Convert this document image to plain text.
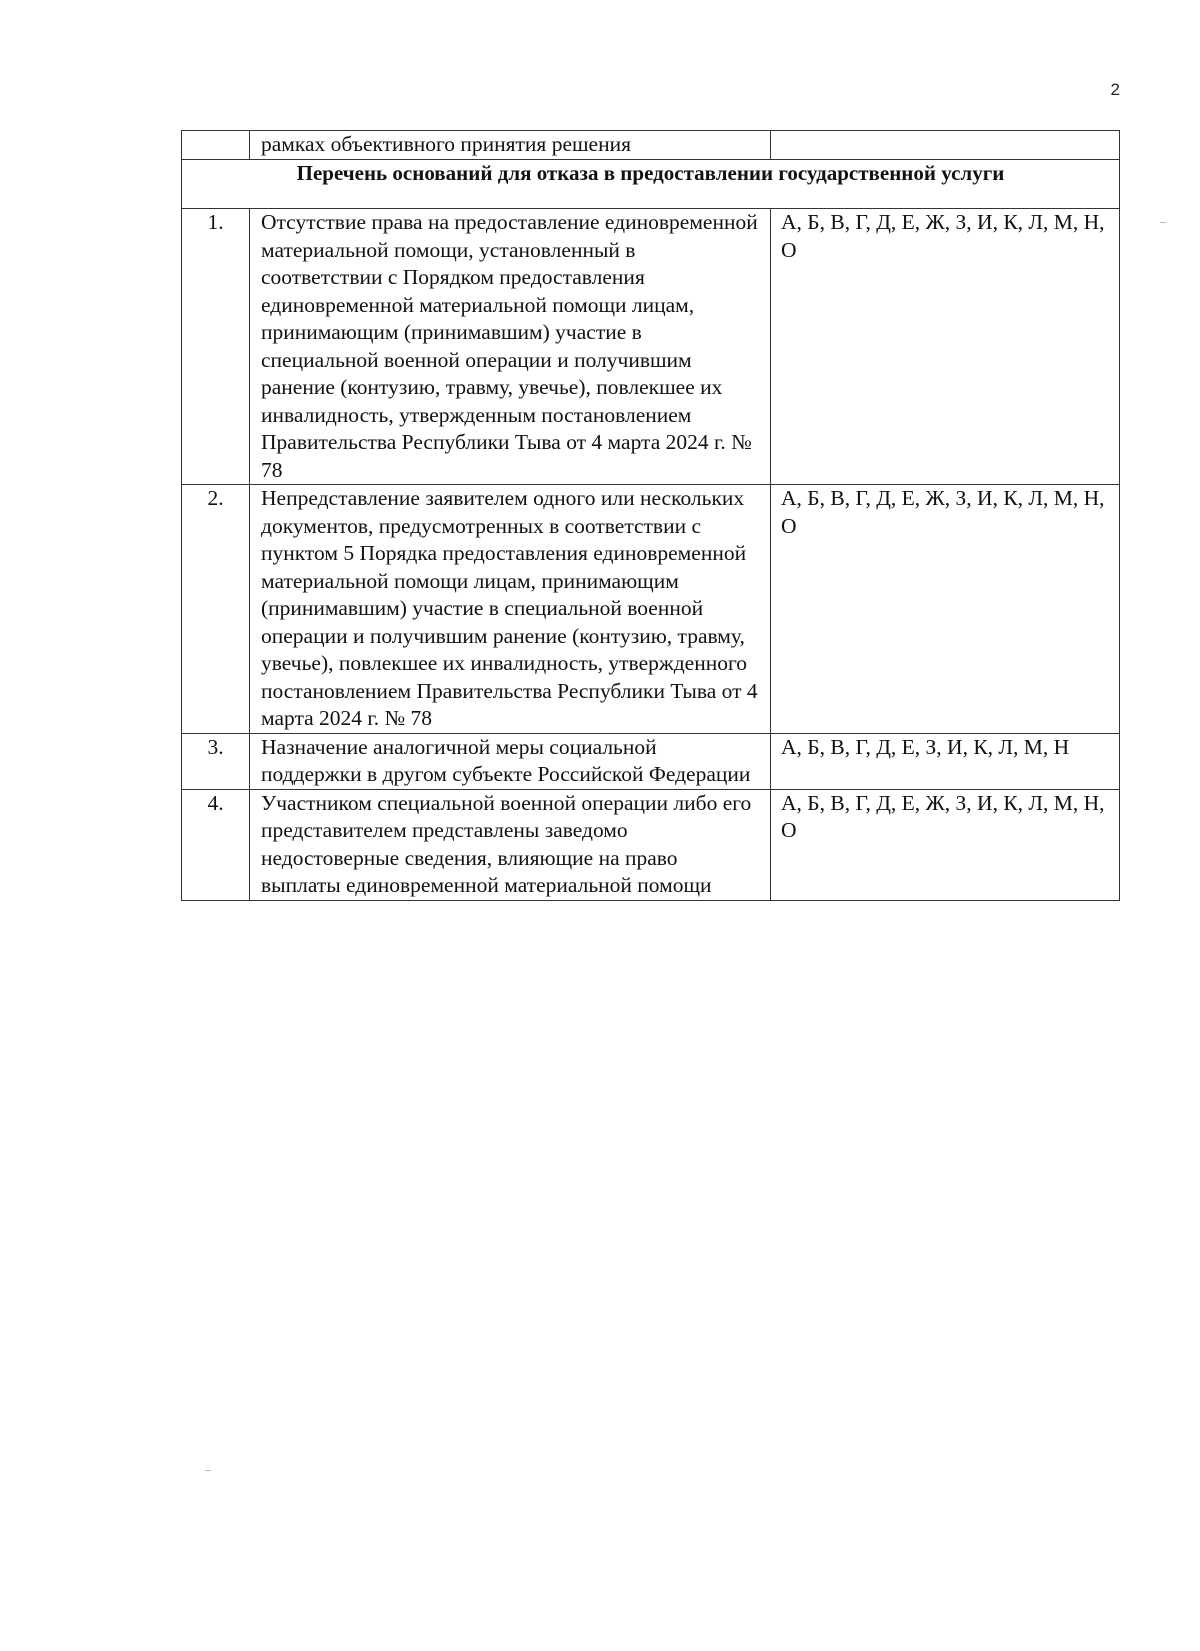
2
	рамках объективного принятия решения	
Перечень оснований для отказа в предоставлении государственной услуги		
1.	Отсутствие права на предоставление единовременной материальной помощи, установленный в соответствии с Порядком предоставления единовременной материальной помощи лицам, принимающим (принимавшим) участие в специальной военной операции и получившим ранение (контузию, травму, увечье), повлекшее их инвалидность, утвержденным постановлением Правительства Республики Тыва от 4 марта 2024 г. № 78	А, Б, В, Г, Д, Е, Ж, З, И, К, Л, М, Н, О
2.	Непредставление заявителем одного или нескольких документов, предусмотренных в соответствии с пунктом 5 Порядка предоставления единовременной материальной помощи лицам, принимающим (принимавшим) участие в специальной военной операции и получившим ранение (контузию, травму, увечье), повлекшее их инвалидность, утвержденного постановлением Правительства Республики Тыва от 4 марта 2024 г. № 78	А, Б, В, Г, Д, Е, Ж, З, И, К, Л, М, Н, О
3.	Назначение аналогичной меры социальной поддержки в другом субъекте Российской Федерации	А, Б, В, Г, Д, Е, З, И, К, Л, М, Н
4.	Участником специальной военной операции либо его представителем представлены заведомо недостоверные сведения, влияющие на право выплаты единовременной материальной помощи	А, Б, В, Г, Д, Е, Ж, З, И, К, Л, М, Н, О
